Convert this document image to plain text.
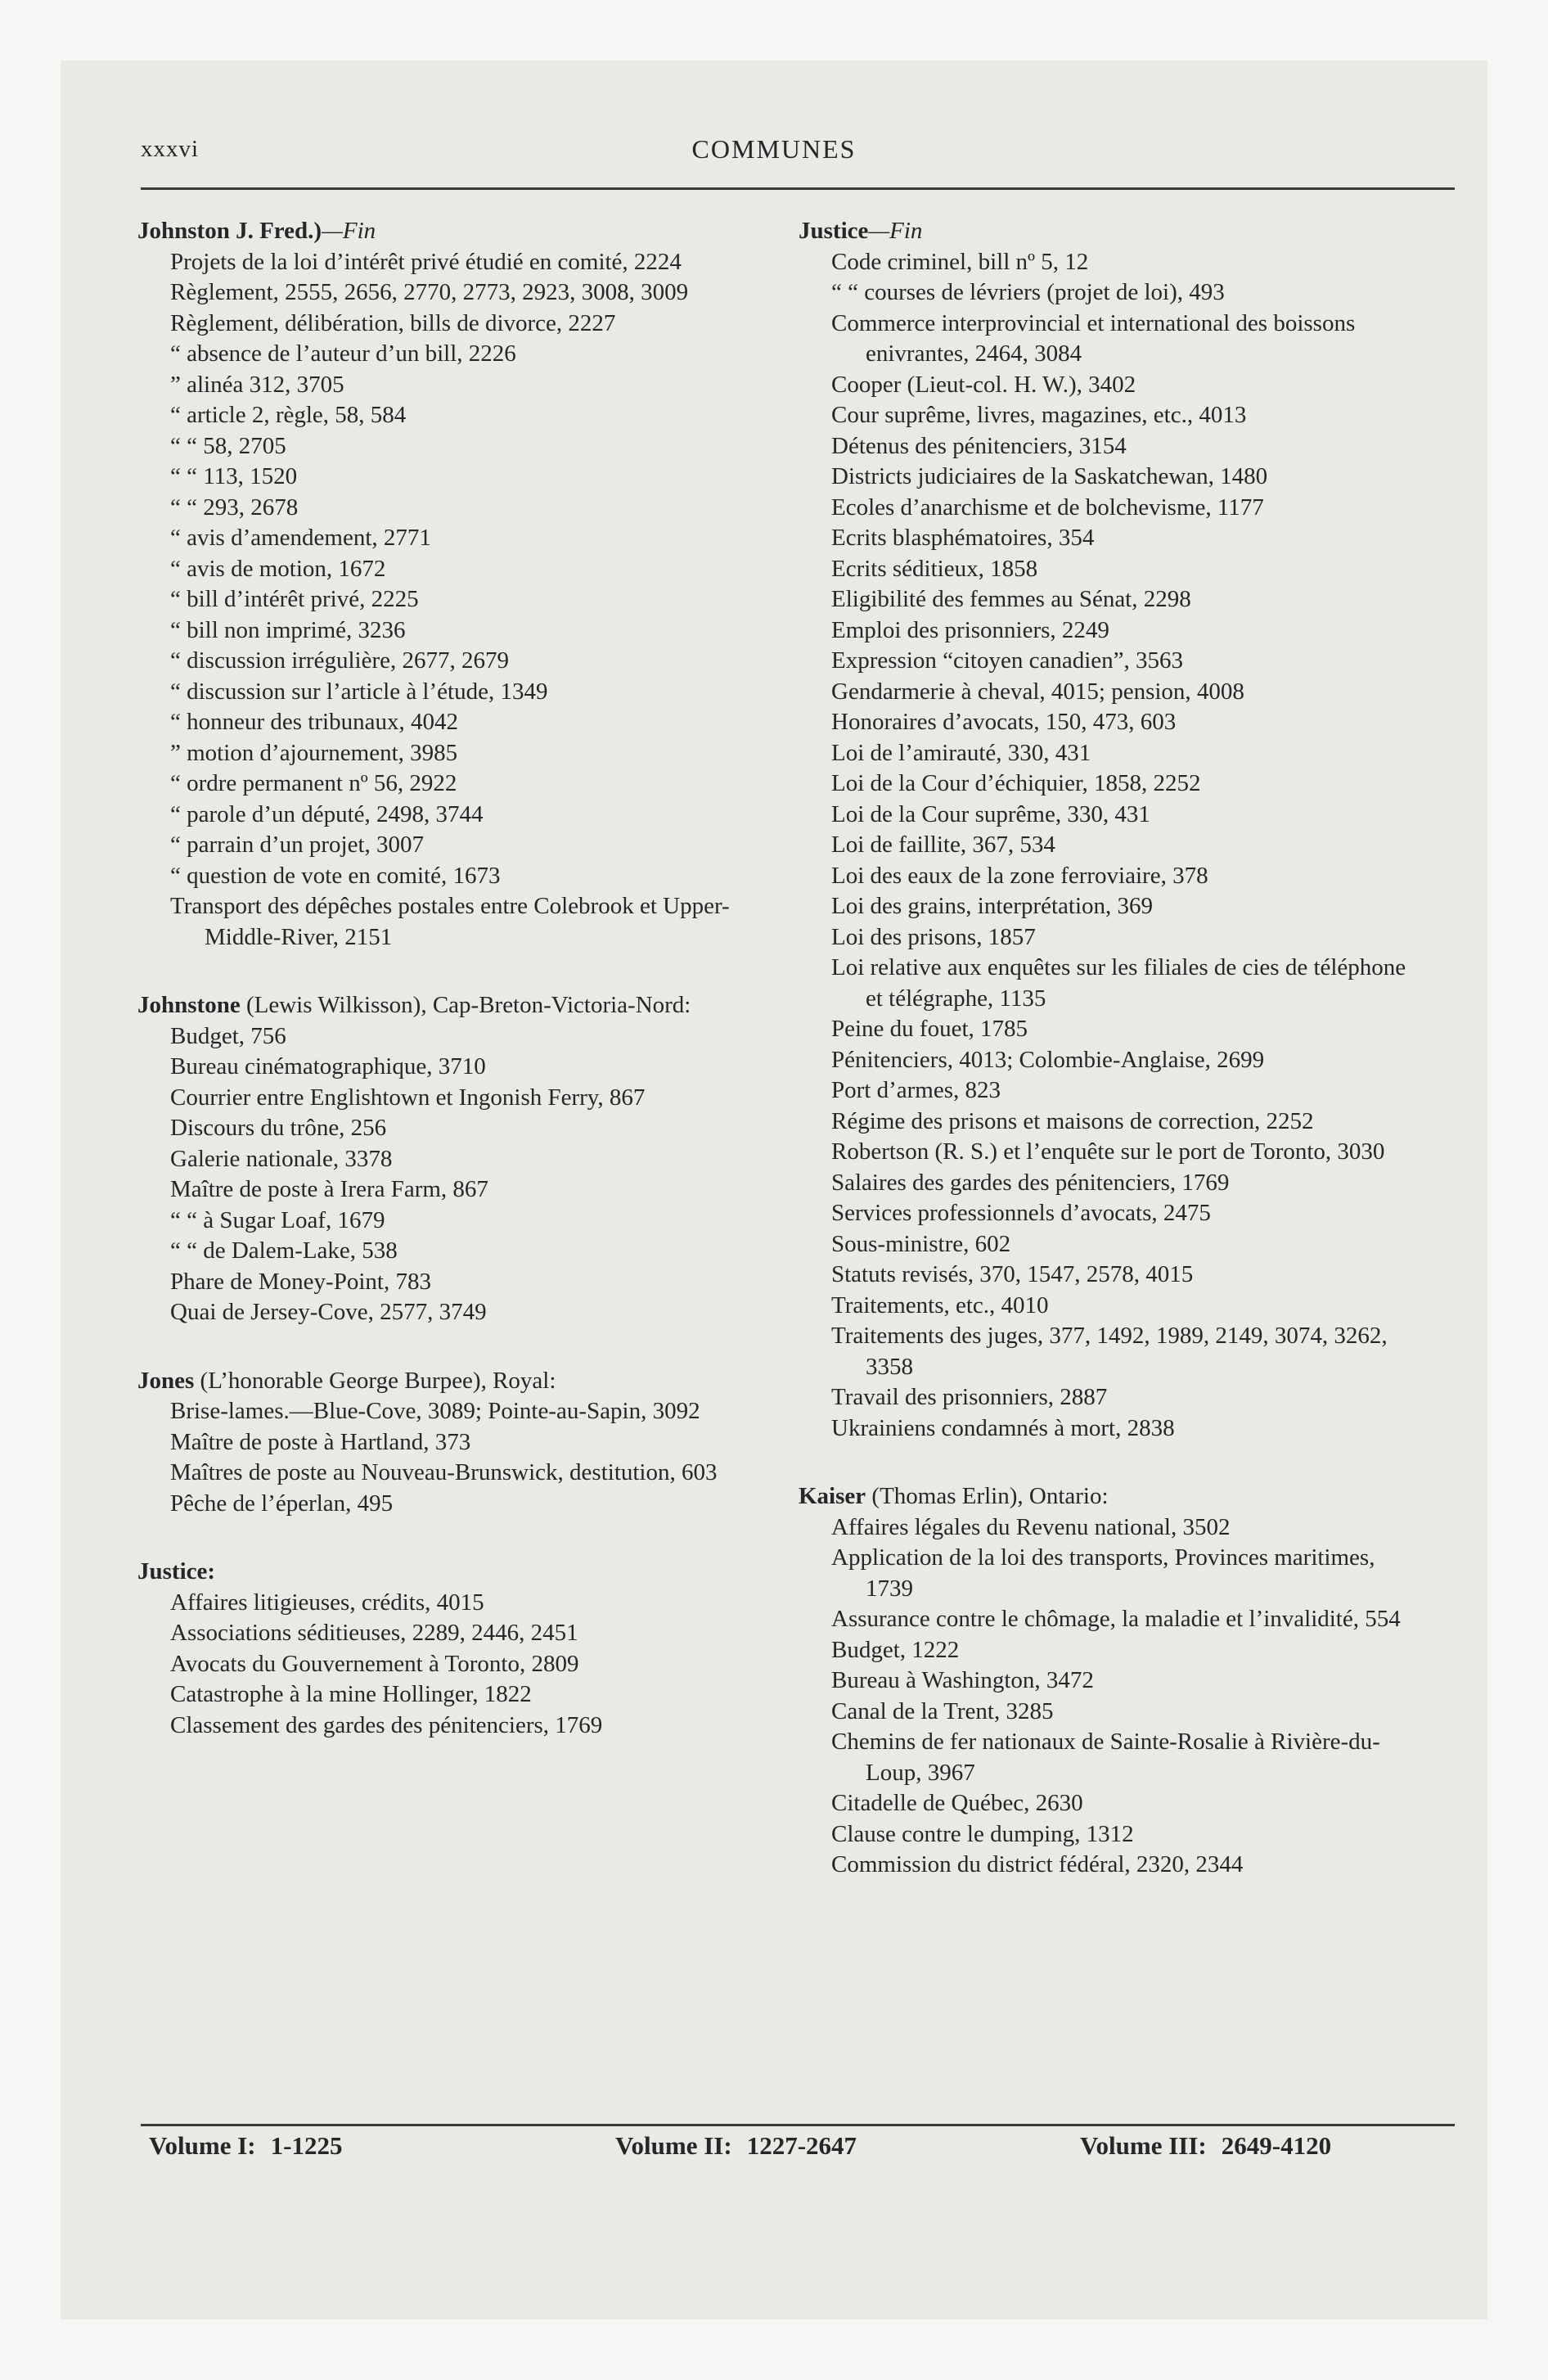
xxxvi	COMMUNES
Johnston J. Fred.)—Fin
Projets de la loi d’intérêt privé étudié en comité, 2224
Règlement, 2555, 2656, 2770, 2773, 2923, 3008, 3009
Règlement, délibération, bills de divorce, 2227
“ absence de l’auteur d’un bill, 2226
” alinéa 312, 3705
“ article 2, règle, 58, 584
“ “ 58, 2705
“ “ 113, 1520
“ “ 293, 2678
“ avis d’amendement, 2771
“ avis de motion, 1672
“ bill d’intérêt privé, 2225
“ bill non imprimé, 3236
“ discussion irrégulière, 2677, 2679
“ discussion sur l’article à l’étude, 1349
“ honneur des tribunaux, 4042
” motion d’ajournement, 3985
“ ordre permanent nº 56, 2922
“ parole d’un député, 2498, 3744
“ parrain d’un projet, 3007
“ question de vote en comité, 1673
Transport des dépêches postales entre Colebrook et Upper-Middle-River, 2151
Johnstone (Lewis Wilkisson), Cap-Breton-Victoria-Nord:
Budget, 756
Bureau cinématographique, 3710
Courrier entre Englishtown et Ingonish Ferry, 867
Discours du trône, 256
Galerie nationale, 3378
Maître de poste à Irera Farm, 867
“ “ à Sugar Loaf, 1679
“ “ de Dalem-Lake, 538
Phare de Money-Point, 783
Quai de Jersey-Cove, 2577, 3749
Jones (L’honorable George Burpee), Royal:
Brise-lames.—Blue-Cove, 3089; Pointe-au-Sapin, 3092
Maître de poste à Hartland, 373
Maîtres de poste au Nouveau-Brunswick, destitution, 603
Pêche de l’éperlan, 495
Justice:
Affaires litigieuses, crédits, 4015
Associations séditieuses, 2289, 2446, 2451
Avocats du Gouvernement à Toronto, 2809
Catastrophe à la mine Hollinger, 1822
Classement des gardes des pénitenciers, 1769
Justice—Fin
Code criminel, bill nº 5, 12
“ “ courses de lévriers (projet de loi), 493
Commerce interprovincial et international des boissons enivrantes, 2464, 3084
Cooper (Lieut-col. H. W.), 3402
Cour suprême, livres, magazines, etc., 4013
Détenus des pénitenciers, 3154
Districts judiciaires de la Saskatchewan, 1480
Ecoles d’anarchisme et de bolchevisme, 1177
Ecrits blasphématoires, 354
Ecrits séditieux, 1858
Eligibilité des femmes au Sénat, 2298
Emploi des prisonniers, 2249
Expression “citoyen canadien”, 3563
Gendarmerie à cheval, 4015; pension, 4008
Honoraires d’avocats, 150, 473, 603
Loi de l’amirauté, 330, 431
Loi de la Cour d’échiquier, 1858, 2252
Loi de la Cour suprême, 330, 431
Loi de faillite, 367, 534
Loi des eaux de la zone ferroviaire, 378
Loi des grains, interprétation, 369
Loi des prisons, 1857
Loi relative aux enquêtes sur les filiales de cies de téléphone et télégraphe, 1135
Peine du fouet, 1785
Pénitenciers, 4013; Colombie-Anglaise, 2699
Port d’armes, 823
Régime des prisons et maisons de correction, 2252
Robertson (R. S.) et l’enquête sur le port de Toronto, 3030
Salaires des gardes des pénitenciers, 1769
Services professionnels d’avocats, 2475
Sous-ministre, 602
Statuts revisés, 370, 1547, 2578, 4015
Traitements, etc., 4010
Traitements des juges, 377, 1492, 1989, 2149, 3074, 3262, 3358
Travail des prisonniers, 2887
Ukrainiens condamnés à mort, 2838
Kaiser (Thomas Erlin), Ontario:
Affaires légales du Revenu national, 3502
Application de la loi des transports, Provinces maritimes, 1739
Assurance contre le chômage, la maladie et l’invalidité, 554
Budget, 1222
Bureau à Washington, 3472
Canal de la Trent, 3285
Chemins de fer nationaux de Sainte-Rosalie à Rivière-du-Loup, 3967
Citadelle de Québec, 2630
Clause contre le dumping, 1312
Commission du district fédéral, 2320, 2344
Volume I: 1-1225	Volume II: 1227-2647	Volume III: 2649-4120
